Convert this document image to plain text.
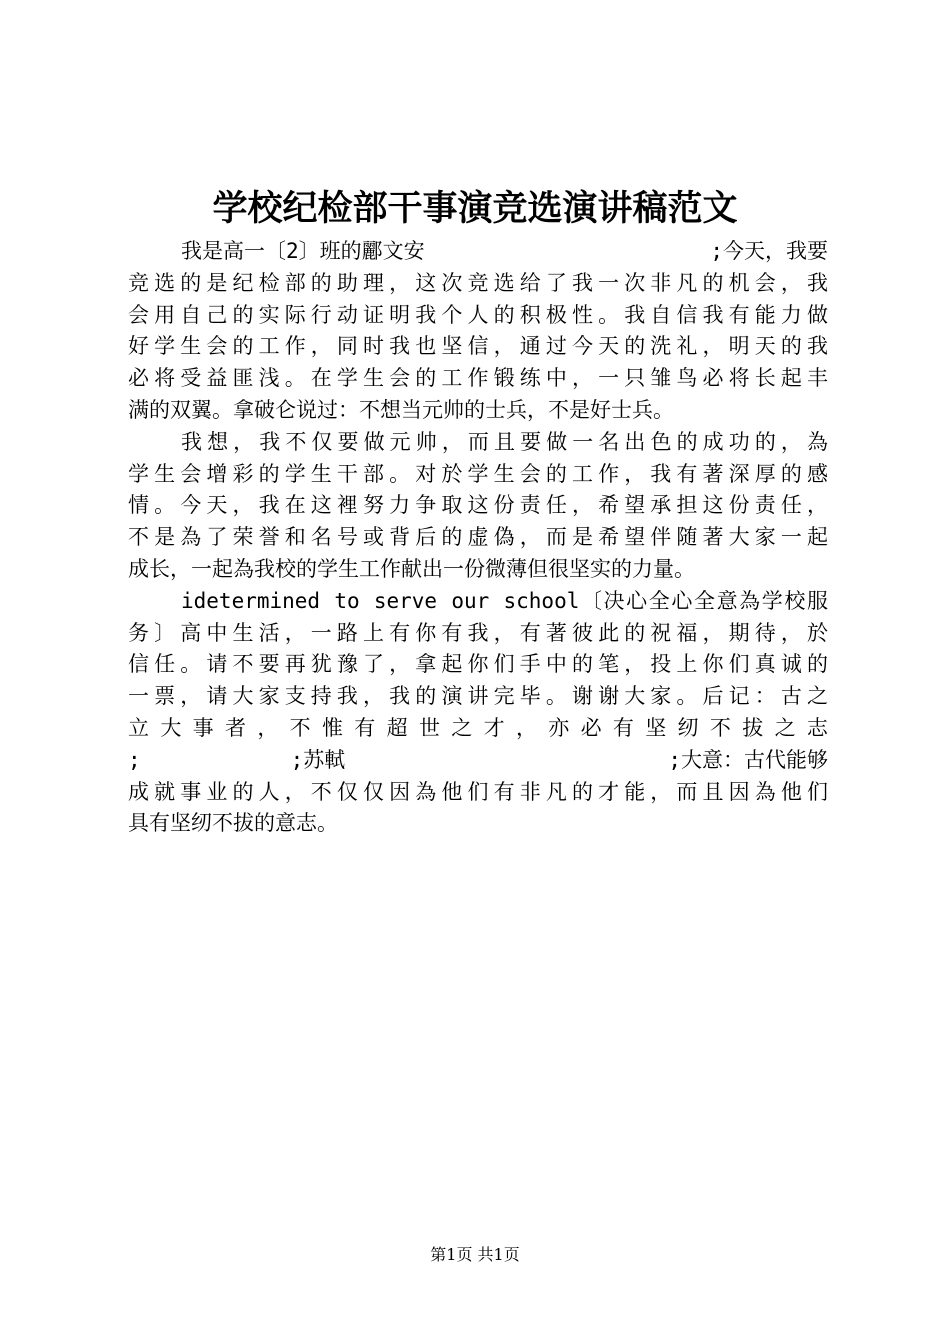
学校纪检部干事演竞选演讲稿范文
我是高一〔2〕班的酈文安	;今天，我要
竞选的是纪检部的助理，这次竞选给了我一次非凡的机会，我
会用自己的实际行动证明我个人的积极性。我自信我有能力做
好学生会的工作，同时我也坚信，通过今天的洗礼，明天的我
必将受益匪浅。在学生会的工作锻练中，一只雏鸟必将长起丰
满的双翼。拿破仑说过：不想当元帅的士兵，不是好士兵。
我想，我不仅要做元帅，而且要做一名出色的成功的，為
学生会增彩的学生干部。对於学生会的工作，我有著深厚的感
情。今天，我在这裡努力争取这份责任，希望承担这份责任，
不是為了荣誉和名号或背后的虚偽，而是希望伴随著大家一起
成长，一起為我校的学生工作献出一份微薄但很坚实的力量。
idetermined to serve our school〔决心全心全意為学校服
务〕高中生活，一路上有你有我，有著彼此的祝福，期待，於
信任。请不要再犹豫了，拿起你们手中的笔，投上你们真诚的
一票，请大家支持我，我的演讲完毕。谢谢大家。后记：古之
立 大 事 者 ， 不 惟 有 超 世 之 才 ， 亦 必 有 坚 纫 不 拔 之 志
;	;苏軾	;大意：古代能够
成就事业的人，不仅仅因為他们有非凡的才能，而且因為他们
具有坚纫不拔的意志。
第1页 共1页
